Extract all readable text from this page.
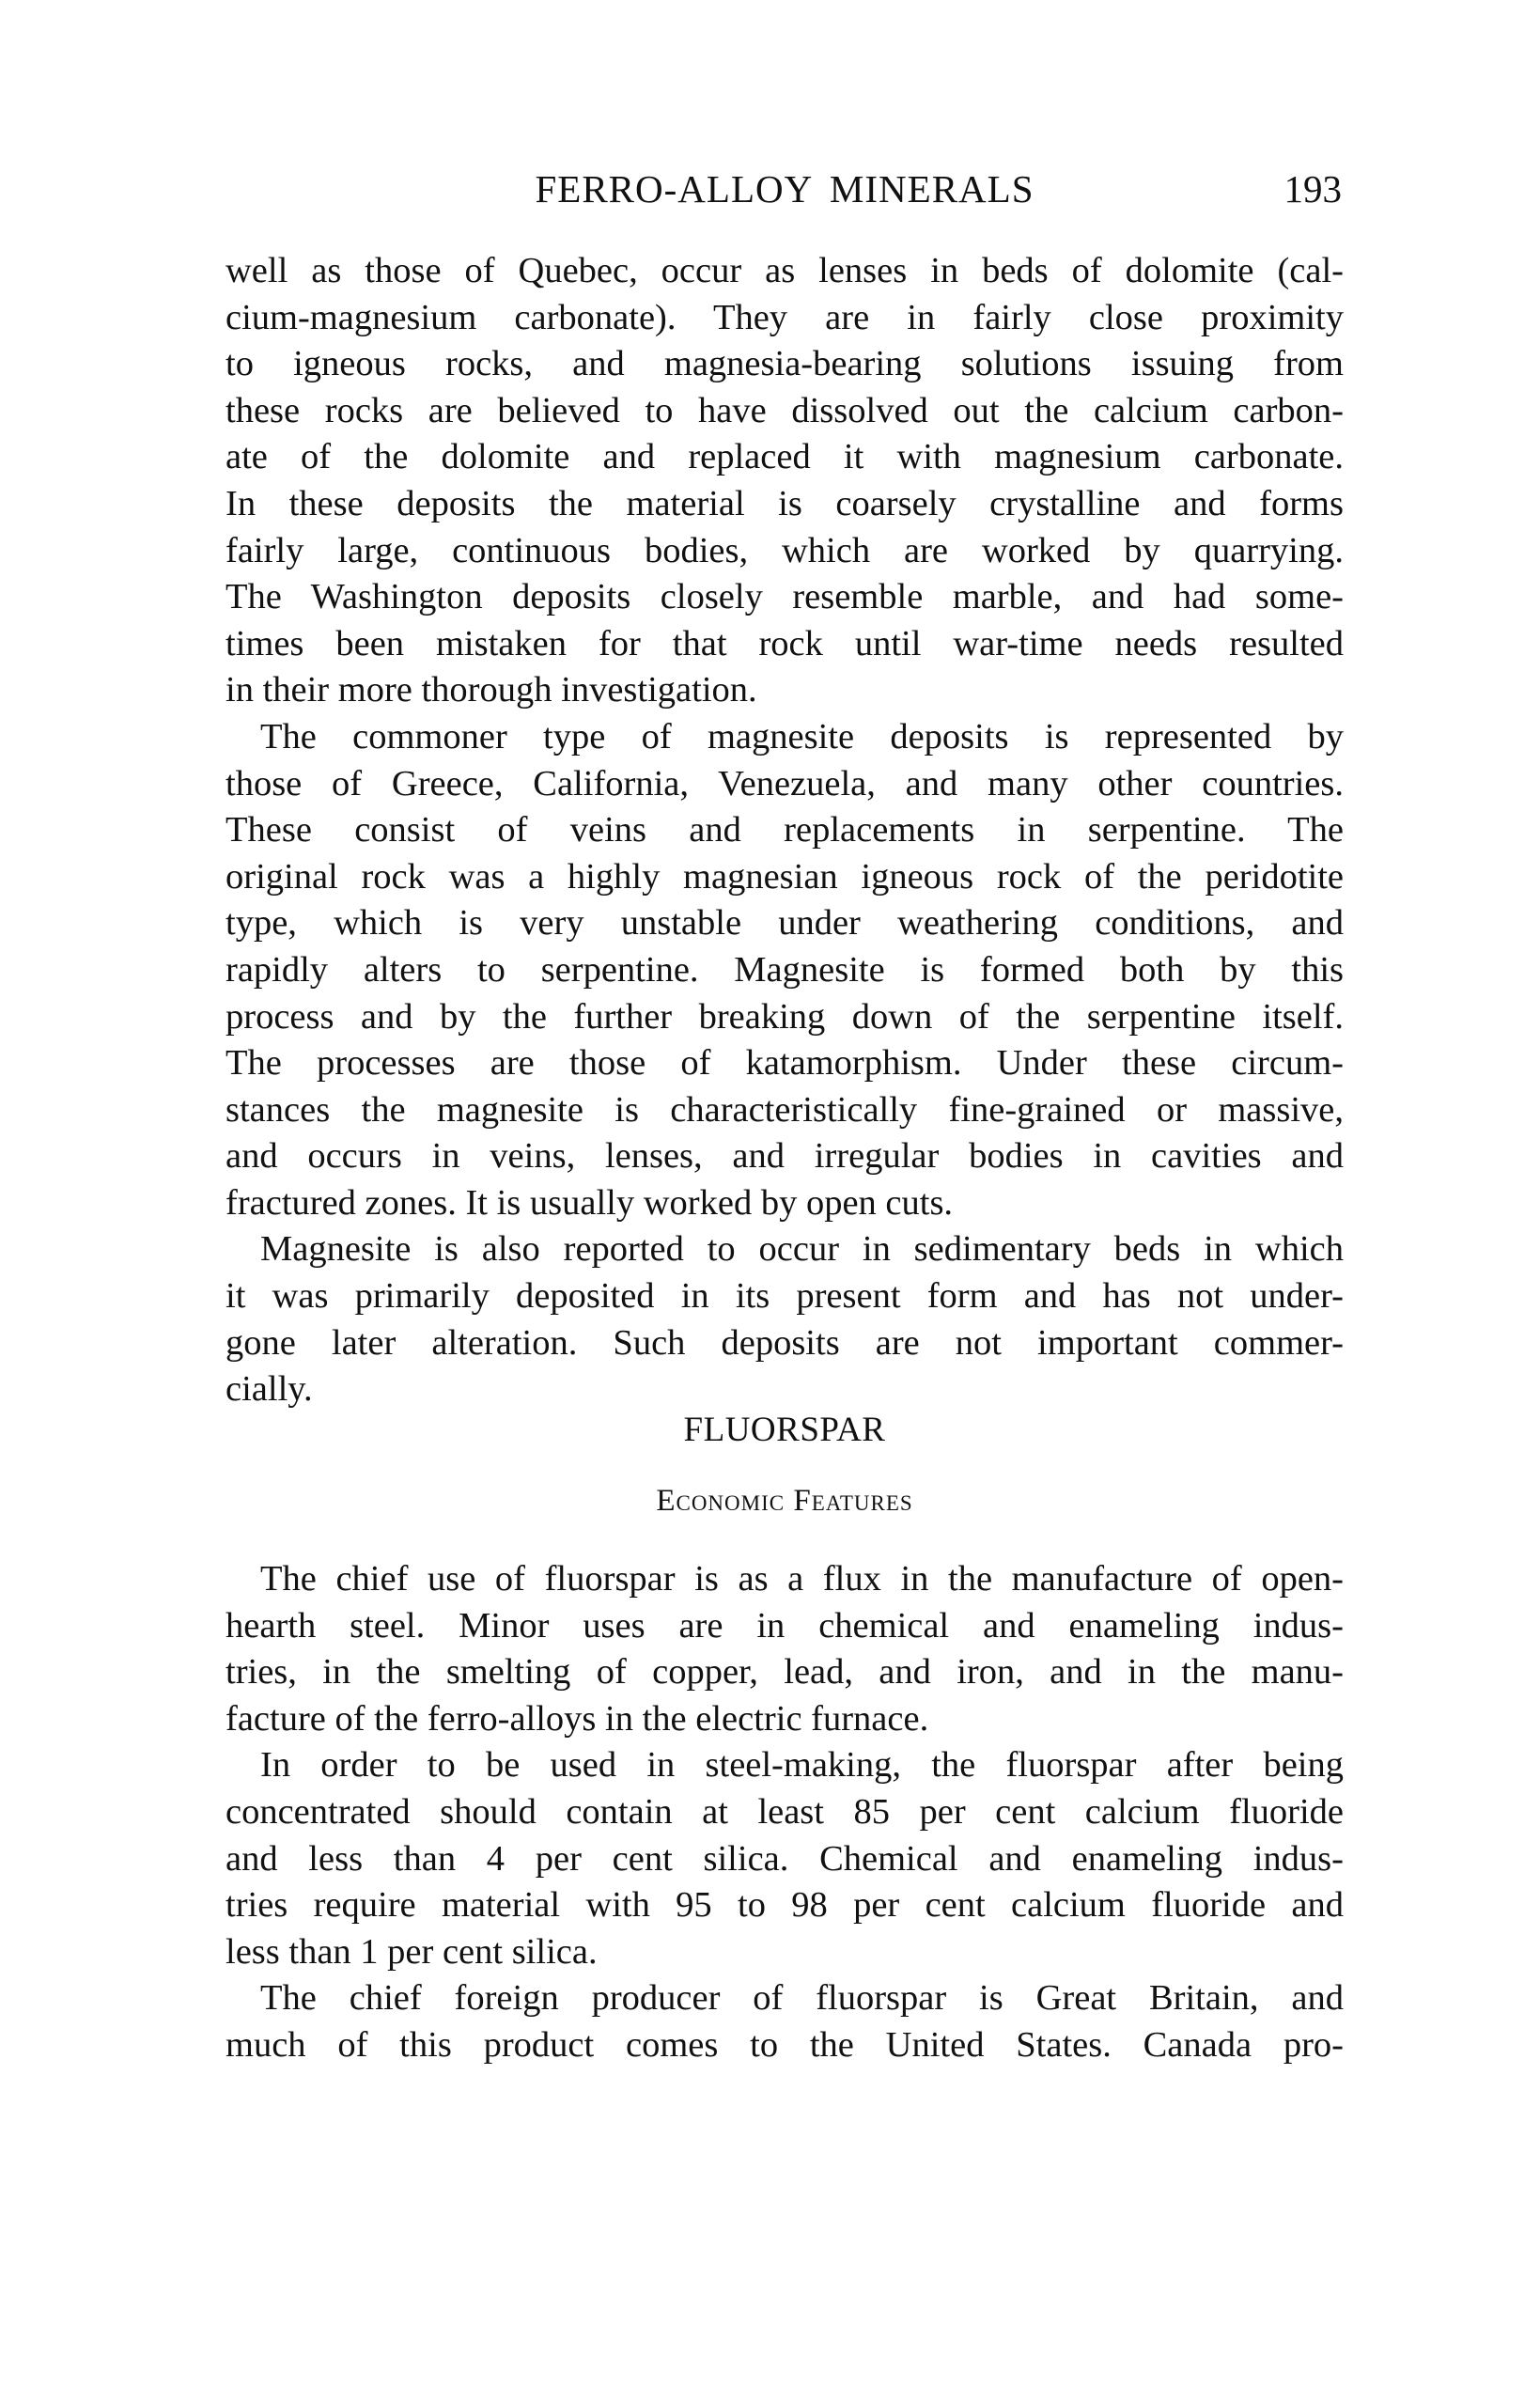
FERRO-ALLOY MINERALS	193
well as those of Quebec, occur as lenses in beds of dolomite (cal-
cium-magnesium carbonate). They are in fairly close proximity
to igneous rocks, and magnesia-bearing solutions issuing from
these rocks are believed to have dissolved out the calcium carbon-
ate of the dolomite and replaced it with magnesium carbonate.
In these deposits the material is coarsely crystalline and forms
fairly large, continuous bodies, which are worked by quarrying.
The Washington deposits closely resemble marble, and had some-
times been mistaken for that rock until war-time needs resulted
in their more thorough investigation.
The commoner type of magnesite deposits is represented by
those of Greece, California, Venezuela, and many other countries.
These consist of veins and replacements in serpentine. The
original rock was a highly magnesian igneous rock of the peridotite
type, which is very unstable under weathering conditions, and
rapidly alters to serpentine. Magnesite is formed both by this
process and by the further breaking down of the serpentine itself.
The processes are those of katamorphism. Under these circum-
stances the magnesite is characteristically fine-grained or massive,
and occurs in veins, lenses, and irregular bodies in cavities and
fractured zones. It is usually worked by open cuts.
Magnesite is also reported to occur in sedimentary beds in which
it was primarily deposited in its present form and has not under-
gone later alteration. Such deposits are not important commer-
cially.
FLUORSPAR
Economic Features
The chief use of fluorspar is as a flux in the manufacture of open-
hearth steel. Minor uses are in chemical and enameling indus-
tries, in the smelting of copper, lead, and iron, and in the manu-
facture of the ferro-alloys in the electric furnace.
In order to be used in steel-making, the fluorspar after being
concentrated should contain at least 85 per cent calcium fluoride
and less than 4 per cent silica. Chemical and enameling indus-
tries require material with 95 to 98 per cent calcium fluoride and
less than 1 per cent silica.
The chief foreign producer of fluorspar is Great Britain, and
much of this product comes to the United States. Canada pro-
